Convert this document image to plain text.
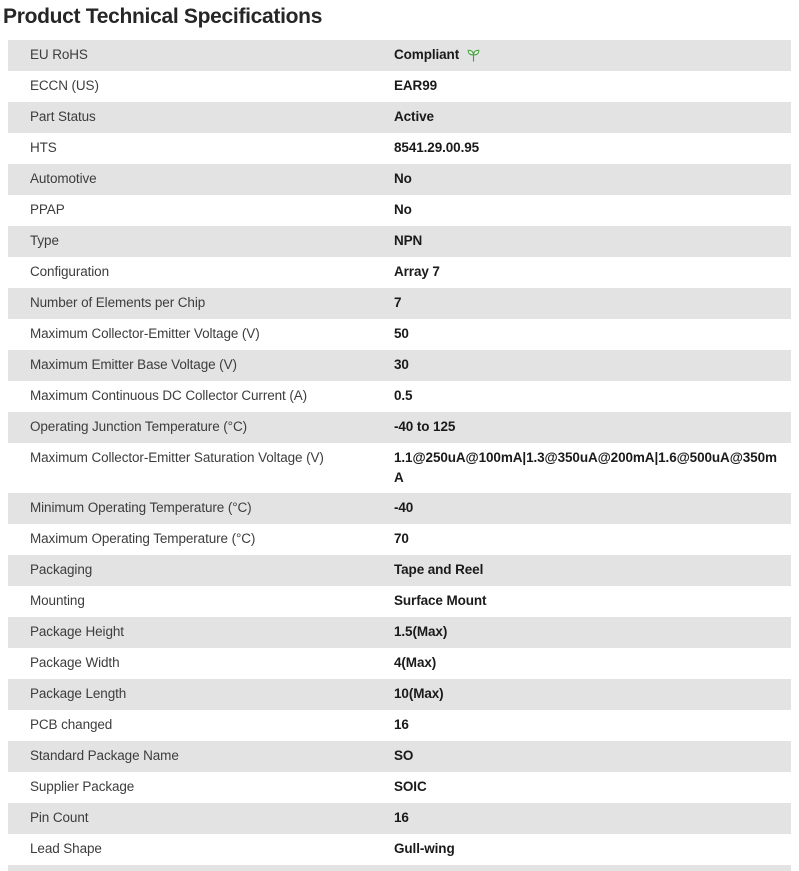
Product Technical Specifications
EU RoHS	Compliant
ECCN (US)	EAR99
Part Status	Active
HTS	8541.29.00.95
Automotive	No
PPAP	No
Type	NPN
Configuration	Array 7
Number of Elements per Chip	7
Maximum Collector-Emitter Voltage (V)	50
Maximum Emitter Base Voltage (V)	30
Maximum Continuous DC Collector Current (A)	0.5
Operating Junction Temperature (°C)	-40 to 125
Maximum Collector-Emitter Saturation Voltage (V)	1.1@250uA@100mA|1.3@350uA@200mA|1.6@500uA@350mA
Minimum Operating Temperature (°C)	-40
Maximum Operating Temperature (°C)	70
Packaging	Tape and Reel
Mounting	Surface Mount
Package Height	1.5(Max)
Package Width	4(Max)
Package Length	10(Max)
PCB changed	16
Standard Package Name	SO
Supplier Package	SOIC
Pin Count	16
Lead Shape	Gull-wing
